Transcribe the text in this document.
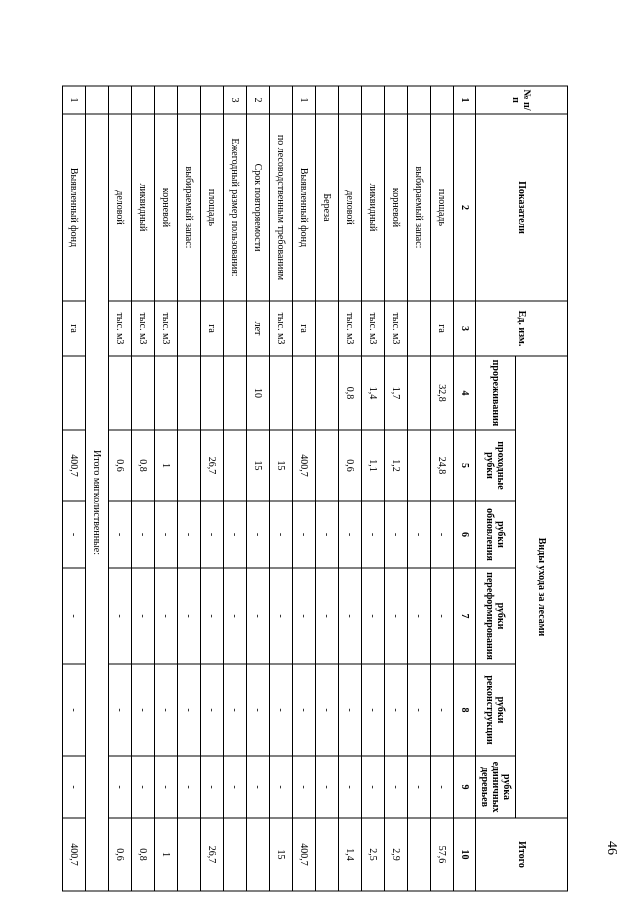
46
№ п/п	Показатели	Ед. изм.	Виды ухода за лесами						Итого
			прореживания	проходные рубки	рубки обновления	рубки переформирования	рубки реконструкции	рубка единичных деревьев	
1	2	3	4	5	6	7	8	9	10
	площадь	га	32,8	24,8	-	-	-	-	57,6
	выбираемый запас:				-	-	-	-	
	корневой	тыс. м3	1,7	1,2	-	-	-	-	2,9
	ликвидный	тыс. м3	1,4	1,1	-	-	-	-	2,5
	деловой	тыс. м3	0,8	0,6	-	-	-	-	1,4
	Береза				-	-	-	-	
1	Выявленный фонд	га		400,7	-	-	-	-	400,7
	по лесоводственным требованиям	тыс. м3		15	-	-	-	-	15
2	Срок повторяемости	лет	10	15	-	-	-	-	
3	Ежегодный размер пользования:				-	-	-	-	
	площадь	га		26,7	-	-	-	-	26,7
	выбираемый запас:				-	-	-	-	
	корневой	тыс. м3		1	-	-	-	-	1
	ликвидный	тыс. м3		0,8	-	-	-	-	0,8
	деловой	тыс. м3		0,6	-	-	-	-	0,6
	Итого мягколиственные:								
1	Выявленный фонд	га		400,7	-	-	-	-	400,7
